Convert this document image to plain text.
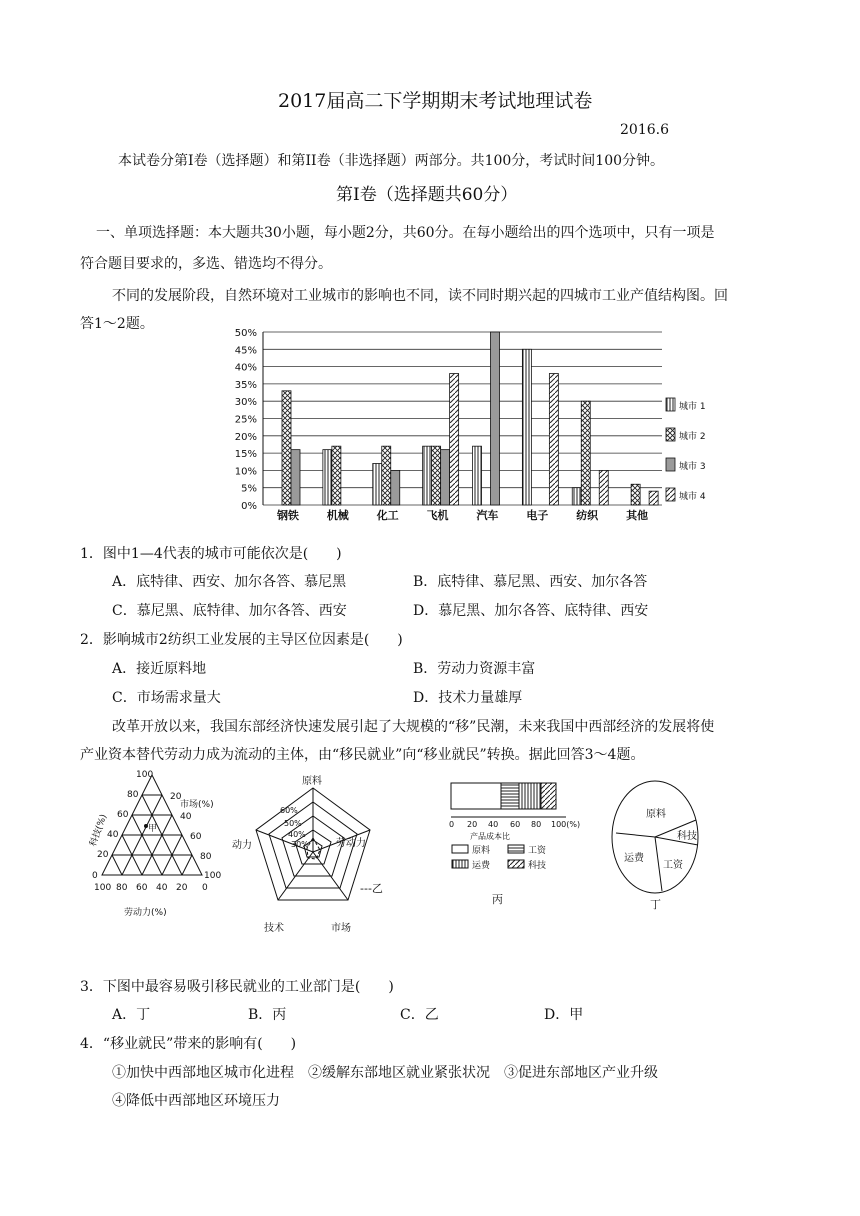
2017届高二下学期期末考试地理试卷
2016.6
本试卷分第Ⅰ卷（选择题）和第II卷（非选择题）两部分。共100分，考试时间100分钟。
第Ⅰ卷（选择题共60分）
一、单项选择题：本大题共30小题，每小题2分，共60分。在每小题给出的四个选项中，只有一项是
符合题目要求的，多选、错选均不得分。
不同的发展阶段，自然环境对工业城市的影响也不同，读不同时期兴起的四城市工业产值结构图。回
答1～2题。
0%
5%
10%
15%
20%
25%
30%
35%
40%
45%
50%
钢铁	机械	化工	飞机	汽车	电子	纺织	其他
城市 1
城市 2
城市 3
城市 4
1．图中1—4代表的城市可能依次是(　　)
A．底特律、西安、加尔各答、慕尼黑	B．底特律、慕尼黑、西安、加尔各答
C．慕尼黑、底特律、加尔各答、西安	D．慕尼黑、加尔各答、底特律、西安
2．影响城市2纺织工业发展的主导区位因素是(　　)
A．接近原料地	B．劳动力资源丰富
C．市场需求量大	D．技术力量雄厚
改革开放以来，我国东部经济快速发展引起了大规模的“移”民潮，未来我国中西部经济的发展将使
产业资本替代劳动力成为流动的主体，由“移民就业”向“移业就民”转换。据此回答3～4题。
甲
100
80
60
40
20
0
20
40
60
80
100
100 80 60 40 20 0
市场(%)
劳动力(%)
科技(%)
原料
劳动力
市场
技术
动力
60%
50%
40%
30%
---乙
0 20 40 60 80 100(%)
产品成本比
原料	工资
运费	科技
丙
原料
科技
工资
运费
丁
3．下图中最容易吸引移民就业的工业部门是(　　)
A．丁	B．丙	C．乙	D．甲
4．“移业就民”带来的影响有(　　)
①加快中西部地区城市化进程　②缓解东部地区就业紧张状况　③促进东部地区产业升级
④降低中西部地区环境压力
